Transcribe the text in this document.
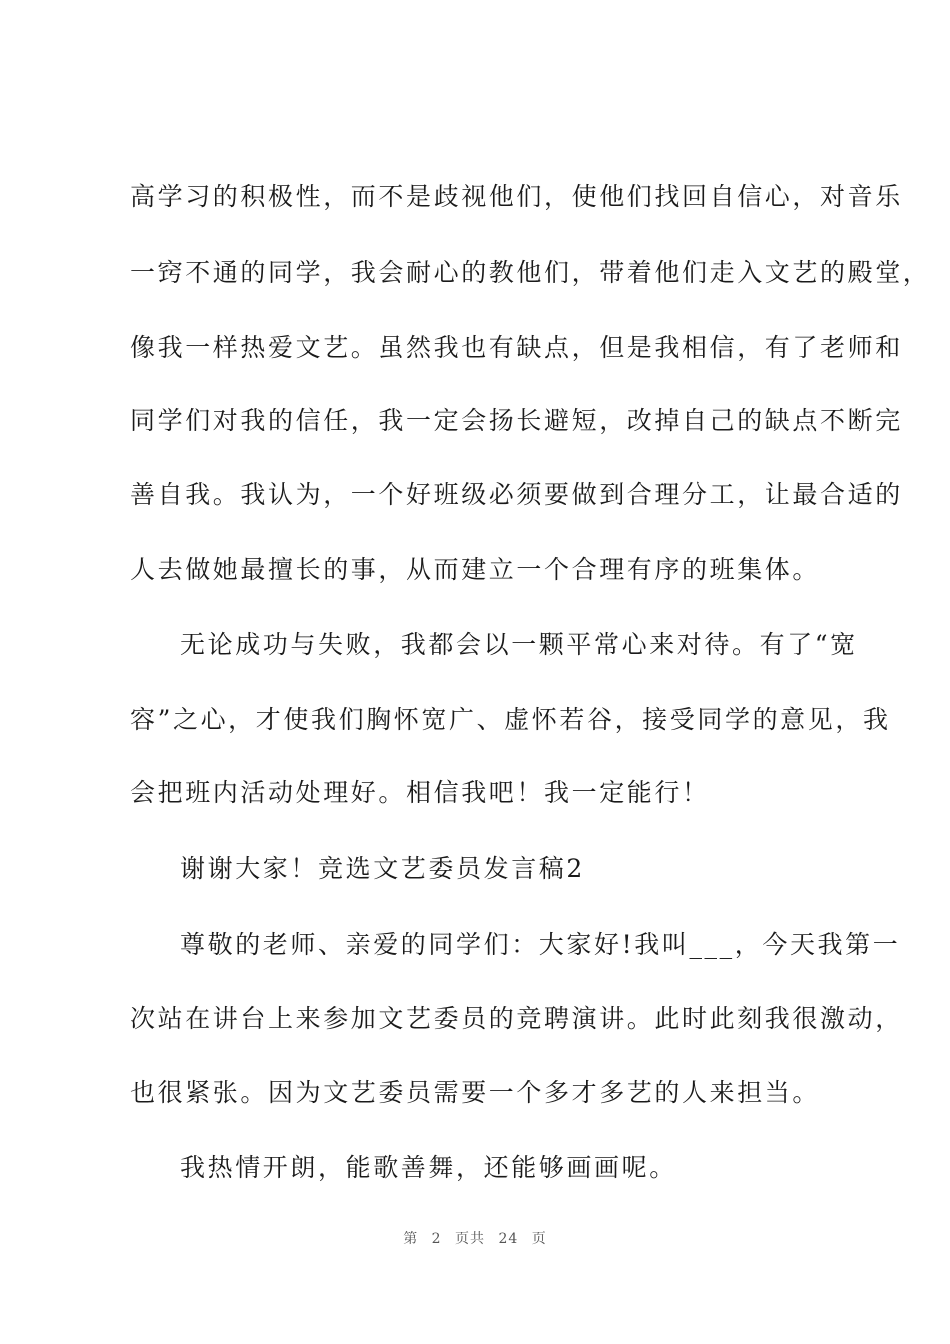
高学习的积极性，而不是歧视他们，使他们找回自信心，对音乐
一窍不通的同学，我会耐心的教他们，带着他们走入文艺的殿堂，
像我一样热爱文艺。虽然我也有缺点，但是我相信，有了老师和
同学们对我的信任，我一定会扬长避短，改掉自己的缺点不断完
善自我。我认为，一个好班级必须要做到合理分工，让最合适的
人去做她最擅长的事，从而建立一个合理有序的班集体。
无论成功与失败，我都会以一颗平常心来对待。有了“宽
容”之心，才使我们胸怀宽广、虚怀若谷，接受同学的意见，我
会把班内活动处理好。相信我吧！我一定能行！
谢谢大家！竞选文艺委员发言稿2
尊敬的老师、亲爱的同学们：大家好!我叫___，今天我第一
次站在讲台上来参加文艺委员的竞聘演讲。此时此刻我很激动，
也很紧张。因为文艺委员需要一个多才多艺的人来担当。
我热情开朗，能歌善舞，还能够画画呢。
第 2 页共 24 页
